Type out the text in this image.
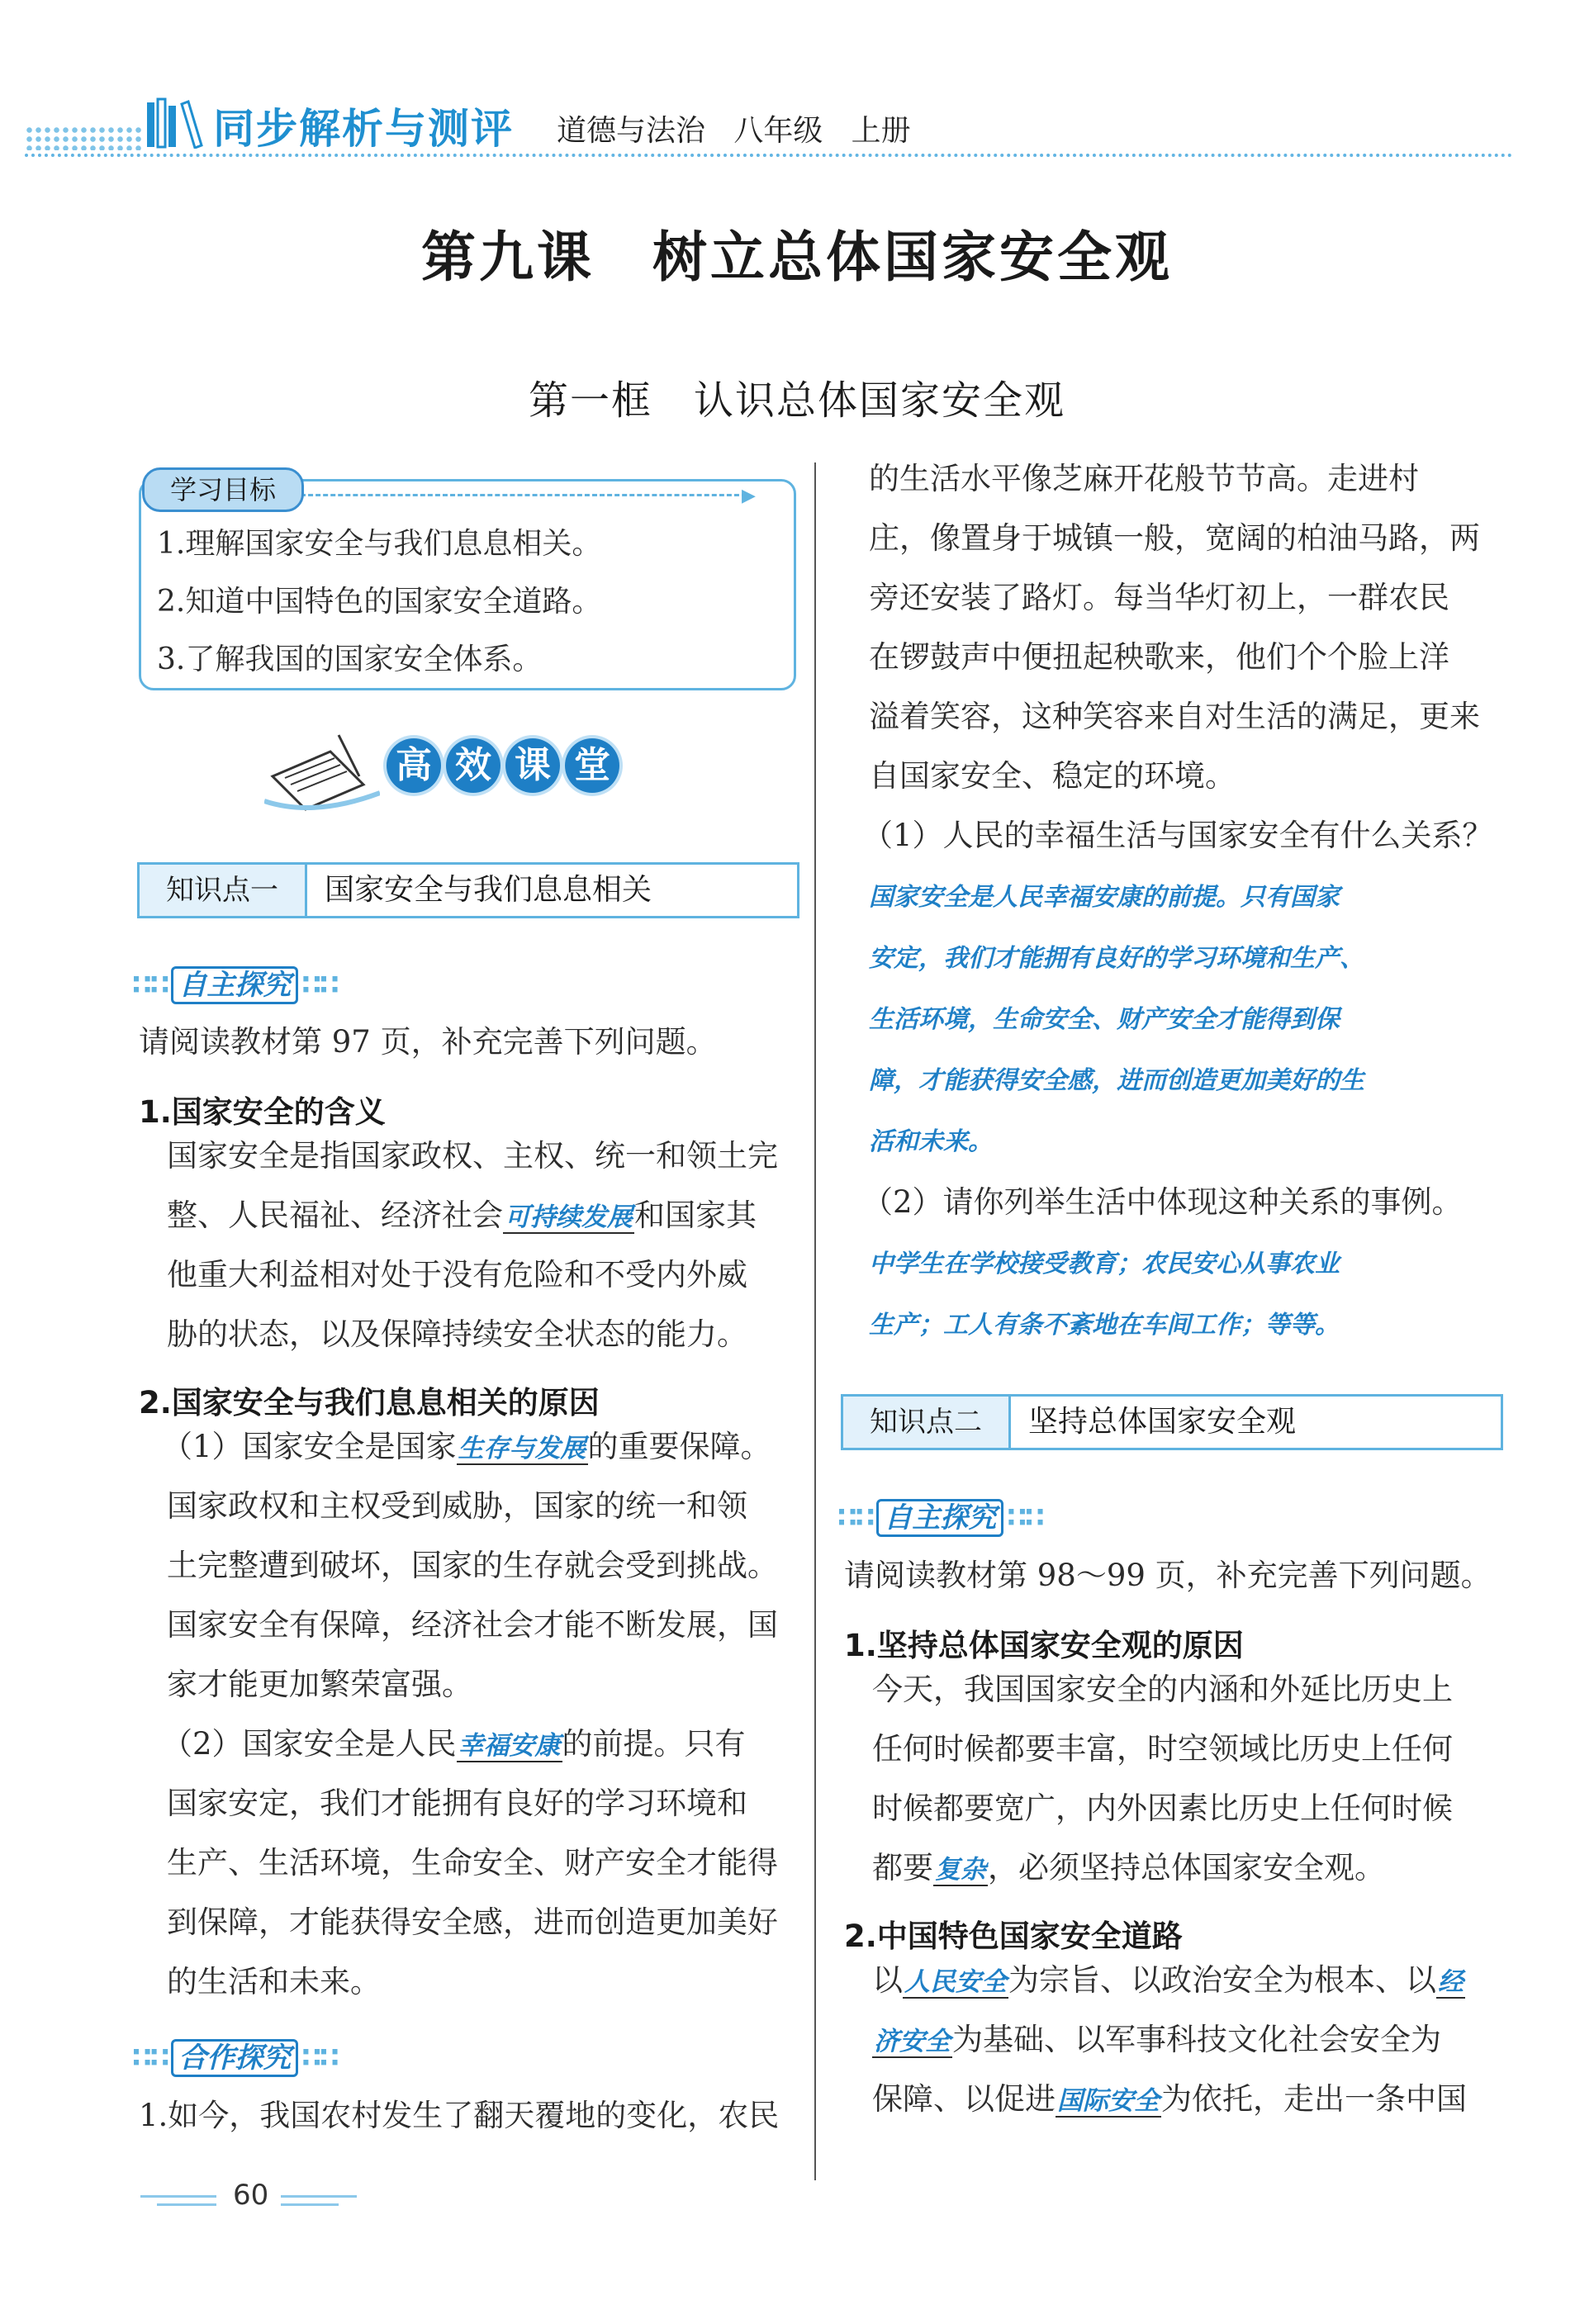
同步解析与测评 道德与法治   八年级   上册
第九课　树立总体国家安全观
第一框　认识总体国家安全观
▶
学习目标
1.理解国家安全与我们息息相关。
2.知道中国特色的国家安全道路。
3.了解我国的国家安全体系。
高 效 课 堂
知识点一	国家安全与我们息息相关
∷∷ 自主探究 ∷∷
请阅读教材第 97 页，补充完善下列问题。
1.国家安全的含义
国家安全是指国家政权、主权、统一和领土完
整、人民福祉、经济社会可持续发展和国家其
他重大利益相对处于没有危险和不受内外威
胁的状态，以及保障持续安全状态的能力。
2.国家安全与我们息息相关的原因
（1）国家安全是国家生存与发展的重要保障。
国家政权和主权受到威胁，国家的统一和领
土完整遭到破坏，国家的生存就会受到挑战。
国家安全有保障，经济社会才能不断发展，国
家才能更加繁荣富强。
（2）国家安全是人民幸福安康的前提。只有
国家安定，我们才能拥有良好的学习环境和
生产、生活环境，生命安全、财产安全才能得
到保障，才能获得安全感，进而创造更加美好
的生活和未来。
∷∷ 合作探究 ∷∷
1.如今，我国农村发生了翻天覆地的变化，农民
的生活水平像芝麻开花般节节高。走进村
庄，像置身于城镇一般，宽阔的柏油马路，两
旁还安装了路灯。每当华灯初上，一群农民
在锣鼓声中便扭起秧歌来，他们个个脸上洋
溢着笑容，这种笑容来自对生活的满足，更来
自国家安全、稳定的环境。
（1）人民的幸福生活与国家安全有什么关系？
国家安全是人民幸福安康的前提。只有国家
安定，我们才能拥有良好的学习环境和生产、
生活环境，生命安全、财产安全才能得到保
障，才能获得安全感，进而创造更加美好的生
活和未来。
（2）请你列举生活中体现这种关系的事例。
中学生在学校接受教育；农民安心从事农业
生产；工人有条不紊地在车间工作；等等。
知识点二	坚持总体国家安全观
∷∷ 自主探究 ∷∷
请阅读教材第 98～99 页，补充完善下列问题。
1.坚持总体国家安全观的原因
今天，我国国家安全的内涵和外延比历史上
任何时候都要丰富，时空领域比历史上任何
时候都要宽广，内外因素比历史上任何时候
都要复杂，必须坚持总体国家安全观。
2.中国特色国家安全道路
以人民安全为宗旨、以政治安全为根本、以经
济安全为基础、以军事科技文化社会安全为
保障、以促进国际安全为依托，走出一条中国
60
